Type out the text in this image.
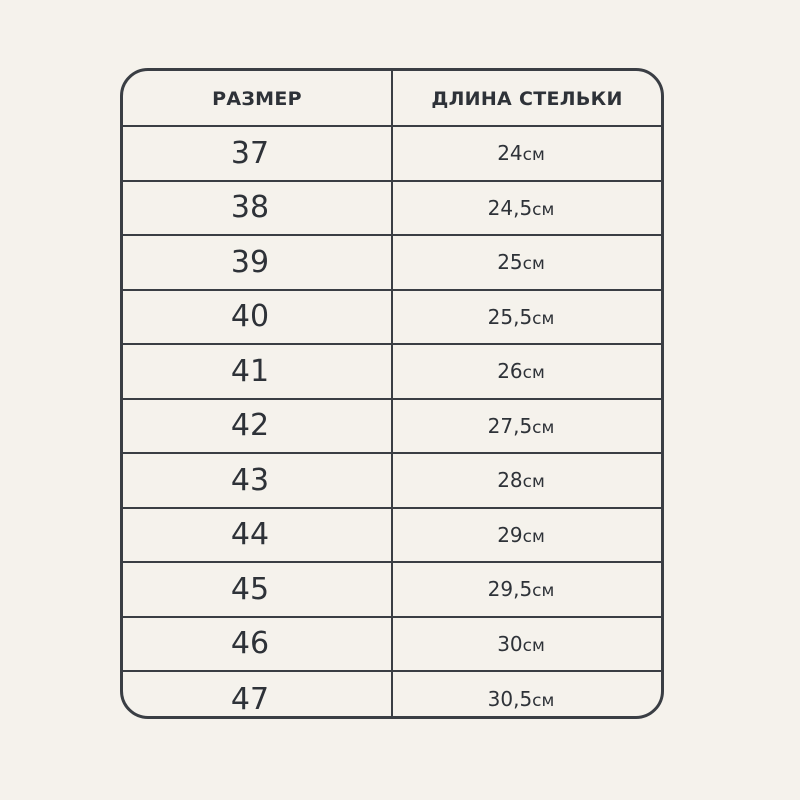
РАЗМЕР	ДЛИНА СТЕЛЬКИ
37	24см
38	24,5см
39	25см
40	25,5см
41	26см
42	27,5см
43	28см
44	29см
45	29,5см
46	30см
47	30,5см
